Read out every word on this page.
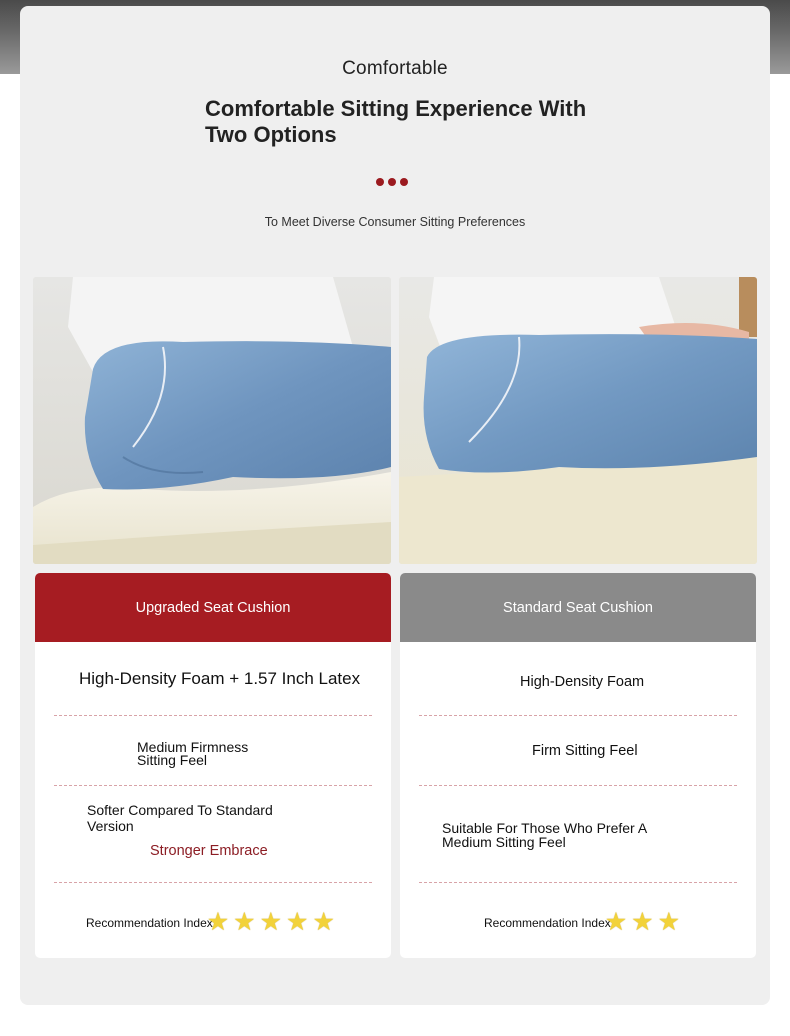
Comfortable
Comfortable Sitting Experience With Two Options
To Meet Diverse Consumer Sitting Preferences
Upgraded Seat Cushion
High-Density Foam + 1.57 Inch Latex
Medium Firmness Sitting Feel
Softer Compared To Standard Version
Stronger Embrace
Recommendation Index
★ ★ ★ ★ ★
Standard Seat Cushion
High-Density Foam
Firm Sitting Feel
Suitable For Those Who Prefer A Medium Sitting Feel
Recommendation Index
★ ★ ★
